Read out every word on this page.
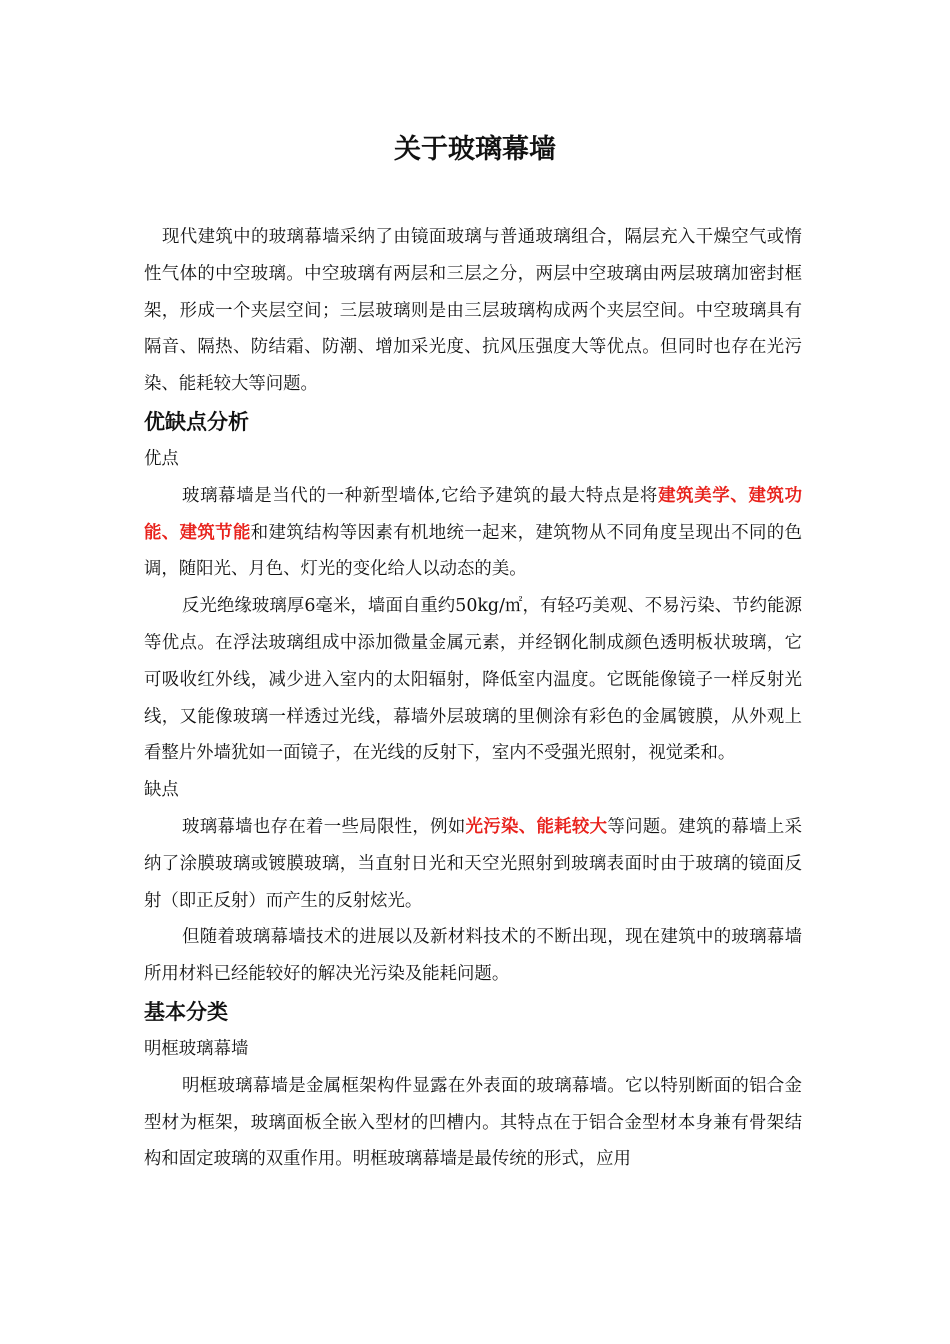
关于玻璃幕墙

现代建筑中的玻璃幕墙采纳了由镜面玻璃与普通玻璃组合，隔层充入干燥空气或惰性气体的中空玻璃。中空玻璃有两层和三层之分，两层中空玻璃由两层玻璃加密封框架，形成一个夹层空间；三层玻璃则是由三层玻璃构成两个夹层空间。中空玻璃具有隔音、隔热、防结霜、防潮、增加采光度、抗风压强度大等优点。但同时也存在光污染、能耗较大等问题。

优缺点分析

优点

玻璃幕墙是当代的一种新型墙体,它给予建筑的最大特点是将建筑美学、建筑功能、建筑节能和建筑结构等因素有机地统一起来，建筑物从不同角度呈现出不同的色调，随阳光、月色、灯光的变化给人以动态的美。

反光绝缘玻璃厚6毫米，墙面自重约50kg/㎡，有轻巧美观、不易污染、节约能源等优点。在浮法玻璃组成中添加微量金属元素，并经钢化制成颜色透明板状玻璃，它可吸收红外线，减少进入室内的太阳辐射，降低室内温度。它既能像镜子一样反射光线，又能像玻璃一样透过光线，幕墙外层玻璃的里侧涂有彩色的金属镀膜，从外观上看整片外墙犹如一面镜子，在光线的反射下，室内不受强光照射，视觉柔和。

缺点

玻璃幕墙也存在着一些局限性，例如光污染、能耗较大等问题。建筑的幕墙上采纳了涂膜玻璃或镀膜玻璃，当直射日光和天空光照射到玻璃表面时由于玻璃的镜面反射（即正反射）而产生的反射炫光。

但随着玻璃幕墙技术的进展以及新材料技术的不断出现，现在建筑中的玻璃幕墙所用材料已经能较好的解决光污染及能耗问题。

基本分类

明框玻璃幕墙

明框玻璃幕墙是金属框架构件显露在外表面的玻璃幕墙。它以特别断面的铝合金型材为框架，玻璃面板全嵌入型材的凹槽内。其特点在于铝合金型材本身兼有骨架结构和固定玻璃的双重作用。明框玻璃幕墙是最传统的形式，应用
